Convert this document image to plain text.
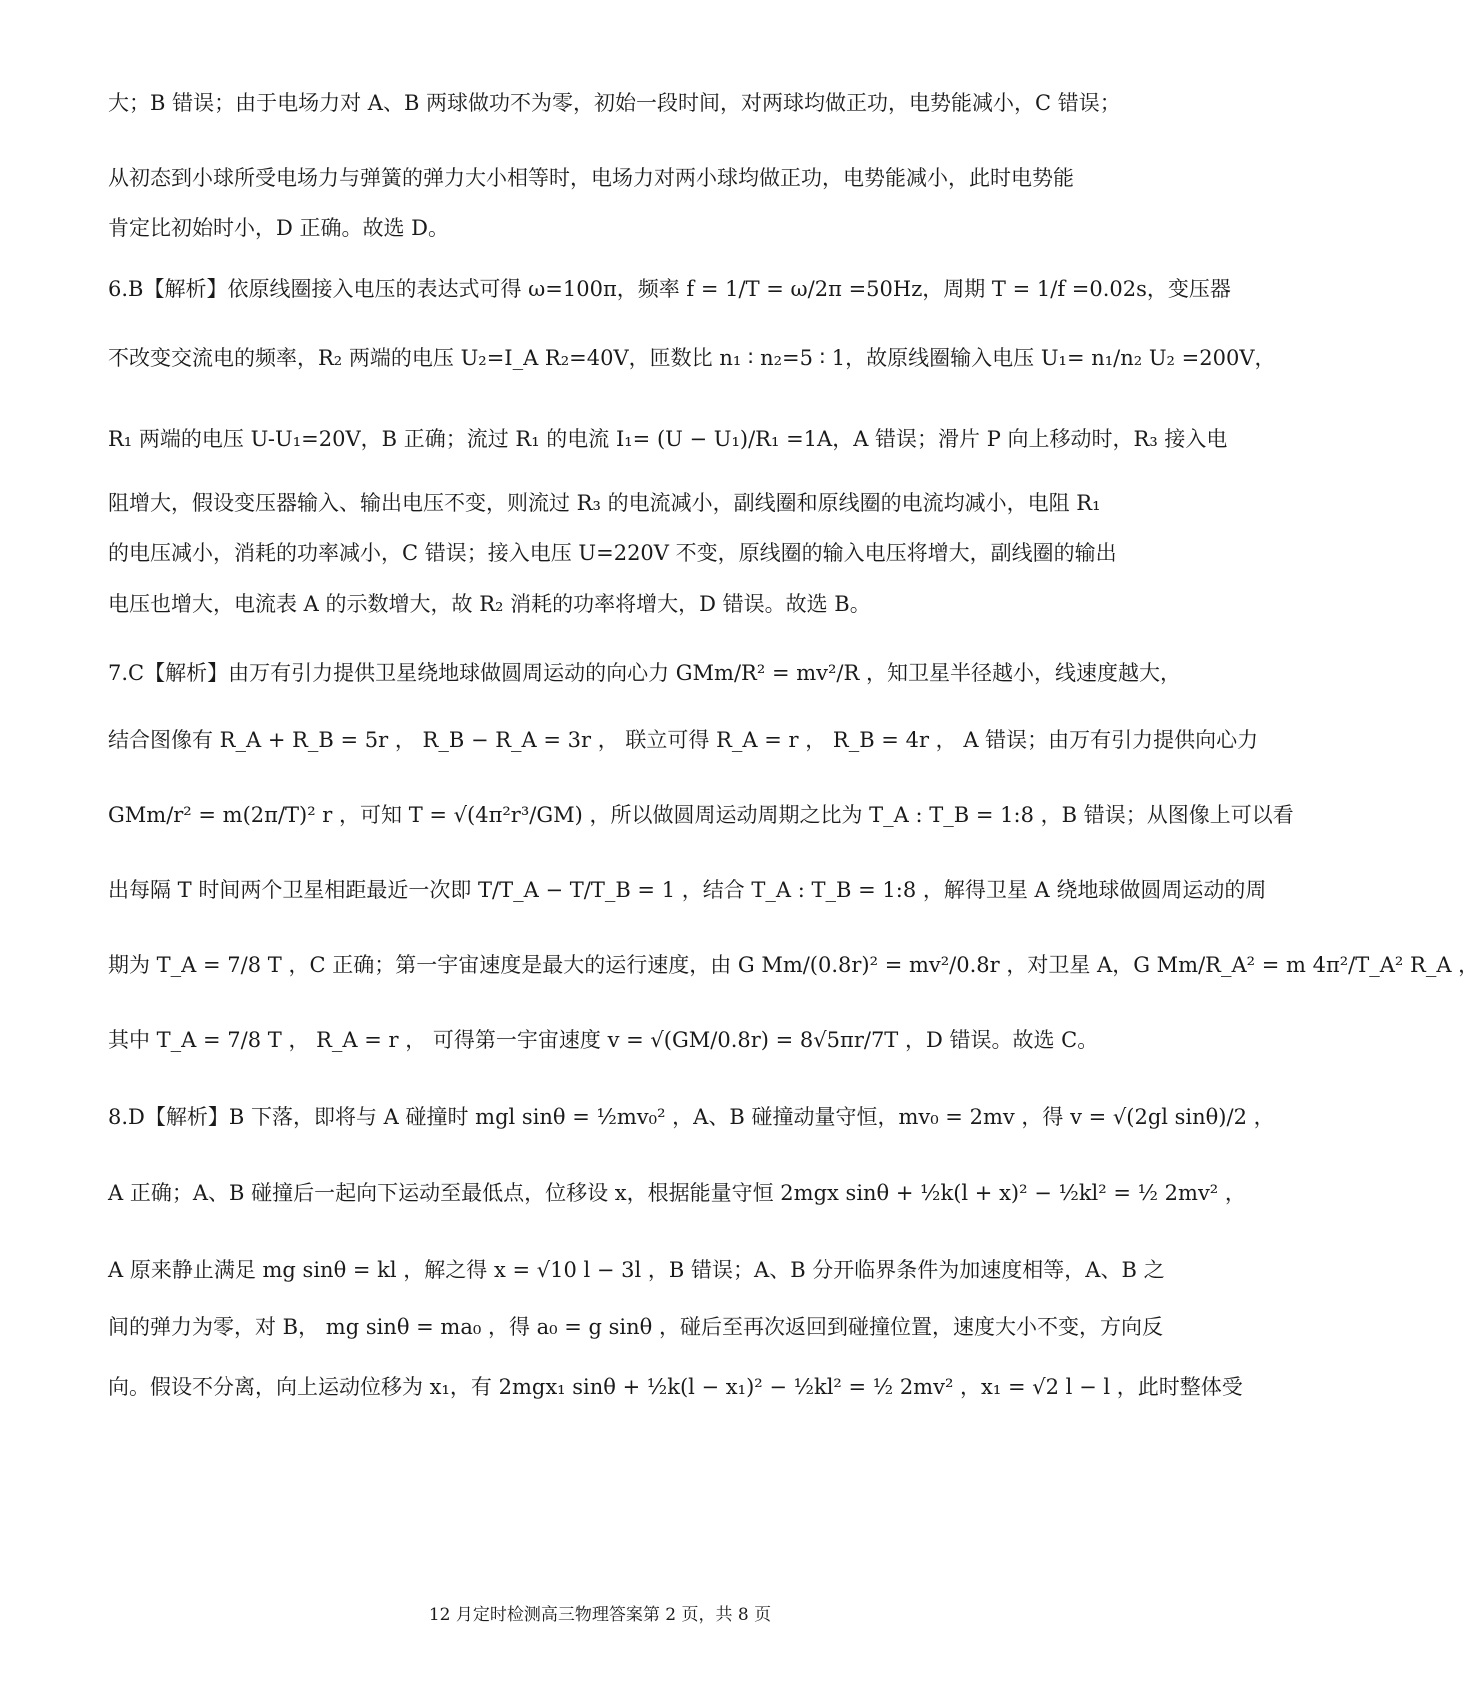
大；B 错误；由于电场力对 A、B 两球做功不为零，初始一段时间，对两球均做正功，电势能减小，C 错误；
从初态到小球所受电场力与弹簧的弹力大小相等时，电场力对两小球均做正功，电势能减小，此时电势能
肯定比初始时小，D 正确。故选 D。
6.B【解析】依原线圈接入电压的表达式可得 ω=100π，频率 f = 1/T = ω/2π =50Hz，周期 T = 1/f =0.02s，变压器
不改变交流电的频率，R₂ 两端的电压 U₂=I_A R₂=40V，匝数比 n₁ ∶ n₂=5 ∶ 1，故原线圈输入电压 U₁= n₁/n₂ U₂ =200V，
R₁ 两端的电压 U-U₁=20V，B 正确；流过 R₁ 的电流 I₁= (U − U₁)/R₁ =1A，A 错误；滑片 P 向上移动时，R₃ 接入电
阻增大，假设变压器输入、输出电压不变，则流过 R₃ 的电流减小，副线圈和原线圈的电流均减小，电阻 R₁
的电压减小，消耗的功率减小，C 错误；接入电压 U=220V 不变，原线圈的输入电压将增大，副线圈的输出
电压也增大，电流表 A 的示数增大，故 R₂ 消耗的功率将增大，D 错误。故选 B。
7.C【解析】由万有引力提供卫星绕地球做圆周运动的向心力 GMm/R² = mv²/R ，知卫星半径越小，线速度越大，
结合图像有 R_A + R_B = 5r ， R_B − R_A = 3r ， 联立可得 R_A = r ， R_B = 4r ， A 错误；由万有引力提供向心力
GMm/r² = m(2π/T)² r ，可知 T = √(4π²r³/GM) ，所以做圆周运动周期之比为 T_A : T_B = 1:8 ，B 错误；从图像上可以看
出每隔 T 时间两个卫星相距最近一次即 T/T_A − T/T_B = 1 ，结合 T_A : T_B = 1:8 ，解得卫星 A 绕地球做圆周运动的周
期为 T_A = 7/8 T ，C 正确；第一宇宙速度是最大的运行速度，由 G Mm/(0.8r)² = mv²/0.8r ，对卫星 A，G Mm/R_A² = m 4π²/T_A² R_A ，
其中 T_A = 7/8 T ， R_A = r ， 可得第一宇宙速度 v = √(GM/0.8r) = 8√5πr/7T ，D 错误。故选 C。
8.D【解析】B 下落，即将与 A 碰撞时 mgl sinθ = ½mv₀² ，A、B 碰撞动量守恒，mv₀ = 2mv ，得 v = √(2gl sinθ)/2 ，
A 正确；A、B 碰撞后一起向下运动至最低点，位移设 x，根据能量守恒 2mgx sinθ + ½k(l + x)² − ½kl² = ½ 2mv² ，
A 原来静止满足 mg sinθ = kl ，解之得 x = √10 l − 3l ，B 错误；A、B 分开临界条件为加速度相等，A、B 之
间的弹力为零，对 B， mg sinθ = ma₀ ，得 a₀ = g sinθ ，碰后至再次返回到碰撞位置，速度大小不变，方向反
向。假设不分离，向上运动位移为 x₁，有 2mgx₁ sinθ + ½k(l − x₁)² − ½kl² = ½ 2mv² ，x₁ = √2 l − l ，此时整体受
12 月定时检测高三物理答案第 2 页，共 8 页
